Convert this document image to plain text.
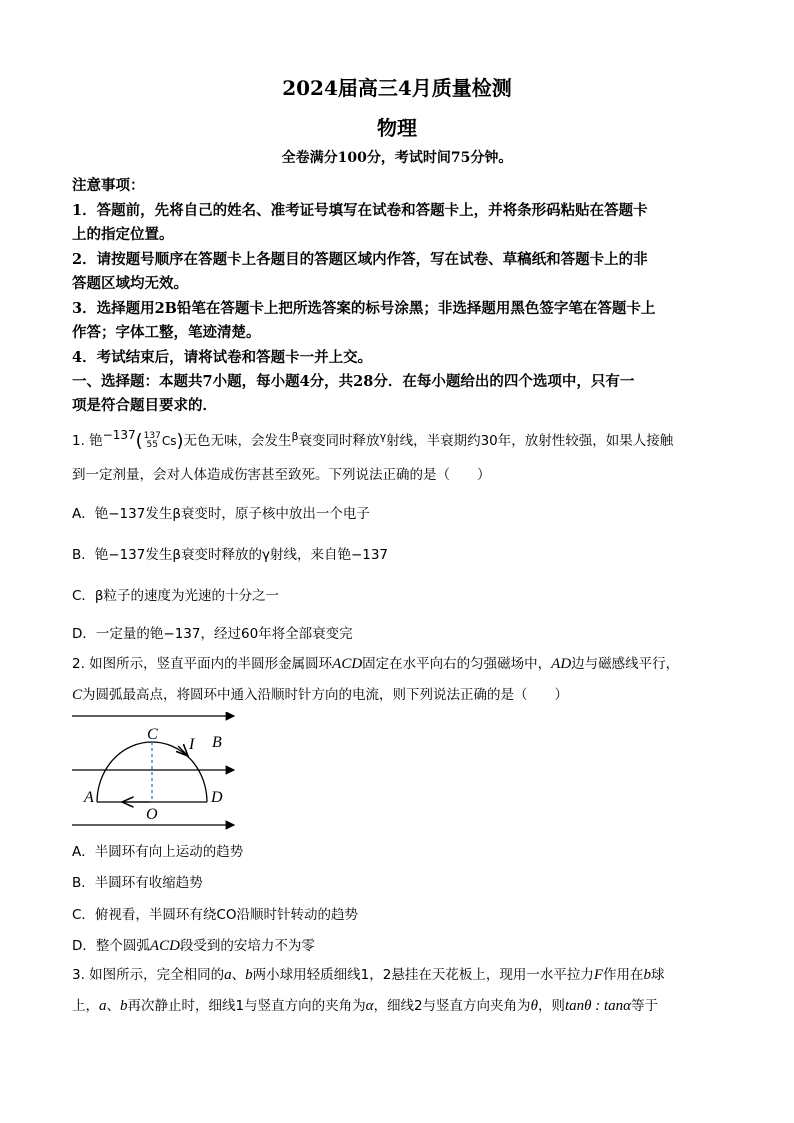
2024届高三4月质量检测
物理
全卷满分100分，考试时间75分钟。
注意事项：
1．答题前，先将自己的姓名、准考证号填写在试卷和答题卡上，并将条形码粘贴在答题卡
上的指定位置。
2．请按题号顺序在答题卡上各题目的答题区域内作答，写在试卷、草稿纸和答题卡上的非
答题区域均无效。
3．选择题用2B铅笔在答题卡上把所选答案的标号涂黑；非选择题用黑色签字笔在答题卡上
作答；字体工整，笔迹清楚。
4．考试结束后，请将试卷和答题卡一并上交。
一、选择题：本题共7小题，每小题4分，共28分．在每小题给出的四个选项中，只有一
项是符合题目要求的．
1. 铯−137( 137
55 Cs)无色无味，会发生$^\beta$衰变同时释放$^\gamma$射线，半衰期约30年，放射性较强，如果人接触
到一定剂量，会对人体造成伤害甚至致死。下列说法正确的是（　　）
A．铯−137发生β衰变时，原子核中放出一个电子
B．铯−137发生β衰变时释放的γ射线，来自铯−137
C．β粒子的速度为光速的十分之一
D．一定量的铯−137，经过60年将全部衰变完
2. 如图所示，竖直平面内的半圆形金属圆环ACD固定在水平向右的匀强磁场中，AD边与磁感线平行，
C为圆弧最高点，将圆环中通入沿顺时针方向的电流，则下列说法正确的是（　　）
C
I B
A
O
D
A．半圆环有向上运动的趋势
B．半圆环有收缩趋势
C．俯视看，半圆环有绕CO沿顺时针转动的趋势
D．整个圆弧ACD段受到的安培力不为零
3. 如图所示，完全相同的a、b两小球用轻质细线1，2悬挂在天花板上，现用一水平拉力F作用在b球
上，a、b再次静止时，细线1与竖直方向的夹角为α，细线2与竖直方向夹角为θ，则tanθ : tanα等于
